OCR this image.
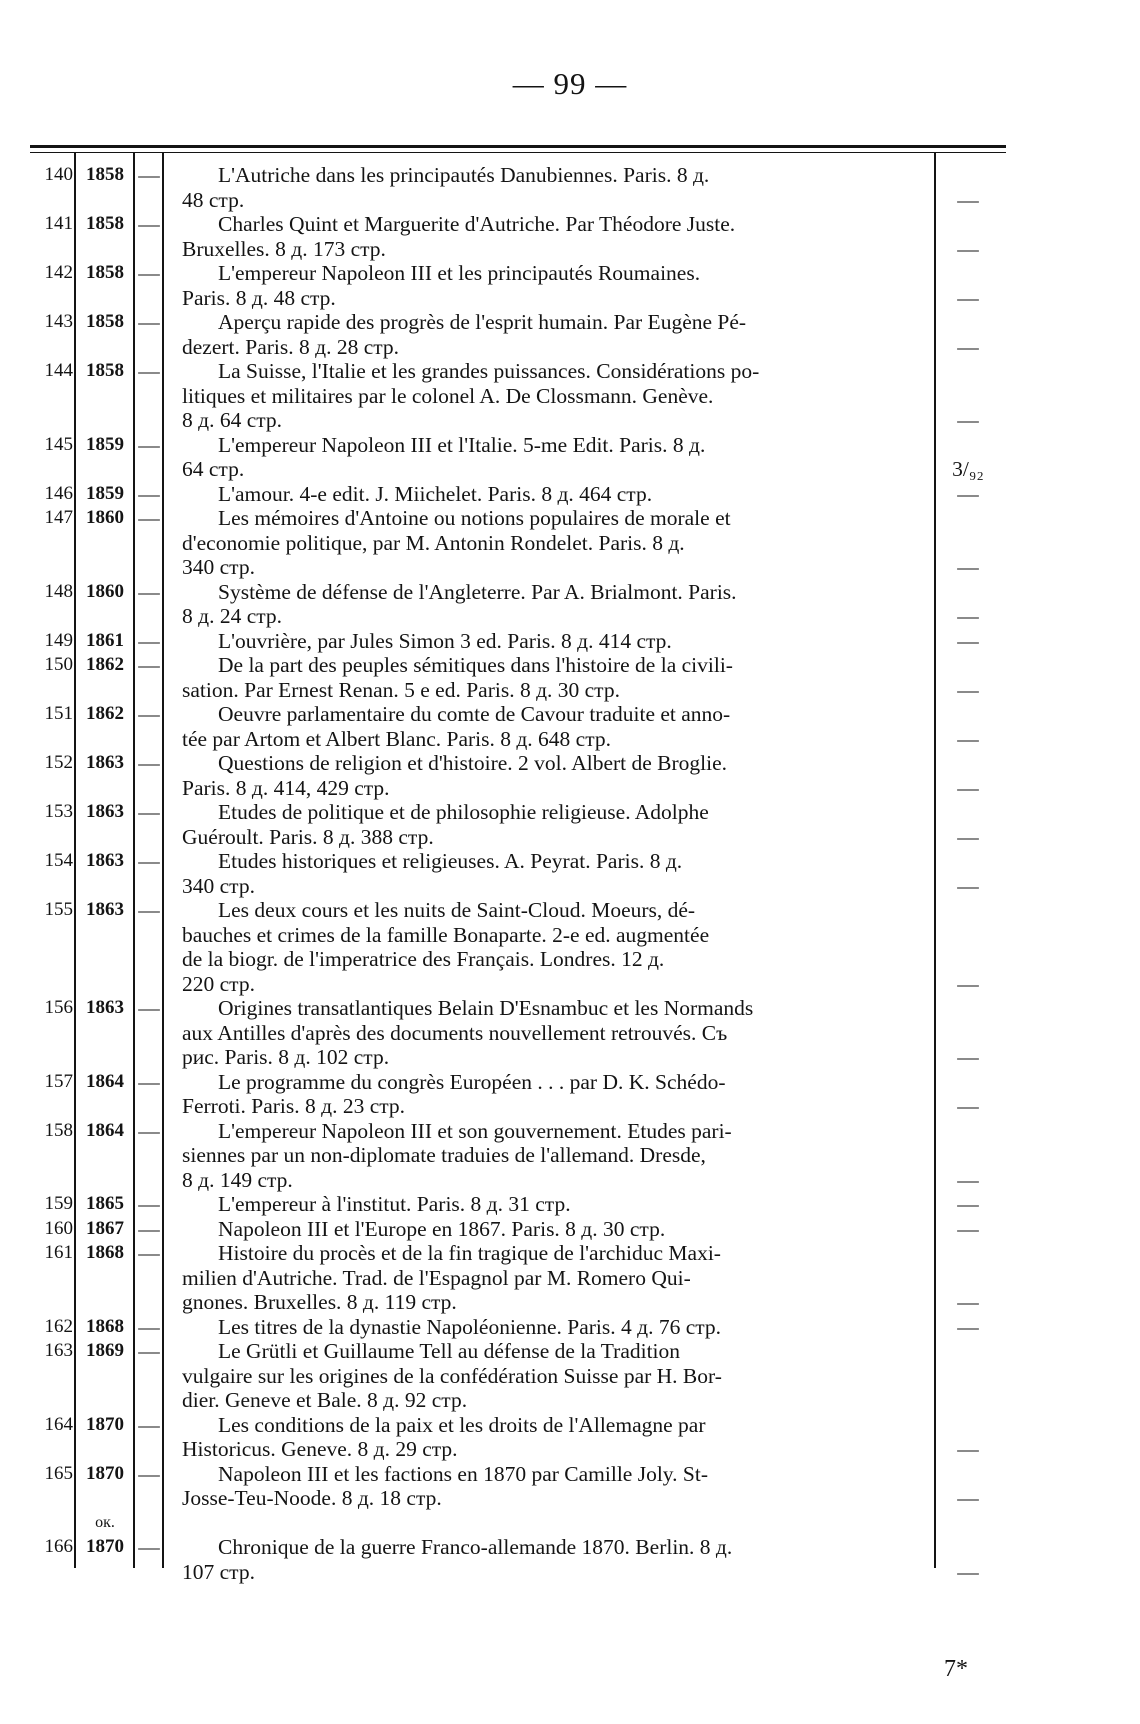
— 99 —
140 1858 —	L'Autriche dans les principautés Danubiennes. Paris. 8 д.
48 стр.	—
141 1858 —	Charles Quint et Marguerite d'Autriche. Par Théodore Juste.
Bruxelles. 8 д. 173 стр.	—
142 1858 —	L'empereur Napoleon III et les principautés Roumaines.
Paris. 8 д. 48 стр.	—
143 1858 —	Aperçu rapide des progrès de l'esprit humain. Par Eugène Pé-
dezert. Paris. 8 д. 28 стр.	—
144 1858 —	La Suisse, l'Italie et les grandes puissances. Considérations po-
litiques et militaires par le colonel A. De Clossmann. Genève.
8 д. 64 стр.	—
145 1859 —	L'empereur Napoleon III et l'Italie. 5-me Edit. Paris. 8 д.
64 стр.	3/₉₂
146 1859 —	L'amour. 4-e edit. J. Miichelet. Paris. 8 д. 464 стр.	—
147 1860 —	Les mémoires d'Antoine ou notions populaires de morale et
d'economie politique, par M. Antonin Rondelet. Paris. 8 д.
340 стр.	—
148 1860 —	Système de défense de l'Angleterre. Par A. Brialmont. Paris.
8 д. 24 стр.	—
149 1861 —	L'ouvrière, par Jules Simon 3 ed. Paris. 8 д. 414 стр.	—
150 1862 —	De la part des peuples sémitiques dans l'histoire de la civili-
sation. Par Ernest Renan. 5 e ed. Paris. 8 д. 30 стр.	—
151 1862 —	Oeuvre parlamentaire du comte de Cavour traduite et anno-
tée par Artom et Albert Blanc. Paris. 8 д. 648 стр.	—
152 1863 —	Questions de religion et d'histoire. 2 vol. Albert de Broglie.
Paris. 8 д. 414, 429 стр.	—
153 1863 —	Etudes de politique et de philosophie religieuse. Adolphe
Guéroult. Paris. 8 д. 388 стр.	—
154 1863 —	Etudes historiques et religieuses. A. Peyrat. Paris. 8 д.
340 стр.	—
155 1863 —	Les deux cours et les nuits de Saint-Cloud. Moeurs, dé-
bauches et crimes de la famille Bonaparte. 2-e ed. augmentée
de la biogr. de l'imperatrice des Français. Londres. 12 д.
220 стр.	—
156 1863 —	Origines transatlantiques Belain D'Esnambuc et les Normands
aux Antilles d'après des documents nouvellement retrouvés. Съ
рис. Paris. 8 д. 102 стр.	—
157 1864 —	Le programme du congrès Européen . . . par D. K. Schédo-
Ferroti. Paris. 8 д. 23 стр.	—
158 1864 —	L'empereur Napoleon III et son gouvernement. Etudes pari-
siennes par un non-diplomate traduies de l'allemand. Dresde,
8 д. 149 стр.	—
159 1865 —	L'empereur à l'institut. Paris. 8 д. 31 стр.	—
160 1867 —	Napoleon III et l'Europe en 1867. Paris. 8 д. 30 стр.	—
161 1868 —	Histoire du procès et de la fin tragique de l'archiduc Maxi-
milien d'Autriche. Trad. de l'Espagnol par M. Romero Qui-
gnones. Bruxelles. 8 д. 119 стр.	—
162 1868 —	Les titres de la dynastie Napoléonienne. Paris. 4 д. 76 стр.	—
163 1869 —	Le Grütli et Guillaume Tell au défense de la Tradition
vulgaire sur les origines de la confédération Suisse par H. Bor-
dier. Geneve et Bale. 8 д. 92 стр.
164 1870 —	Les conditions de la paix et les droits de l'Allemagne par
Historicus. Geneve. 8 д. 29 стр.	—
165 1870 —	Napoleon III et les factions en 1870 par Camille Joly. St-
Josse-Teu-Noode. 8 д. 18 стр.	—
ок.
166 1870 —	Chronique de la guerre Franco-allemande 1870. Berlin. 8 д.
107 стр.	—
7*
